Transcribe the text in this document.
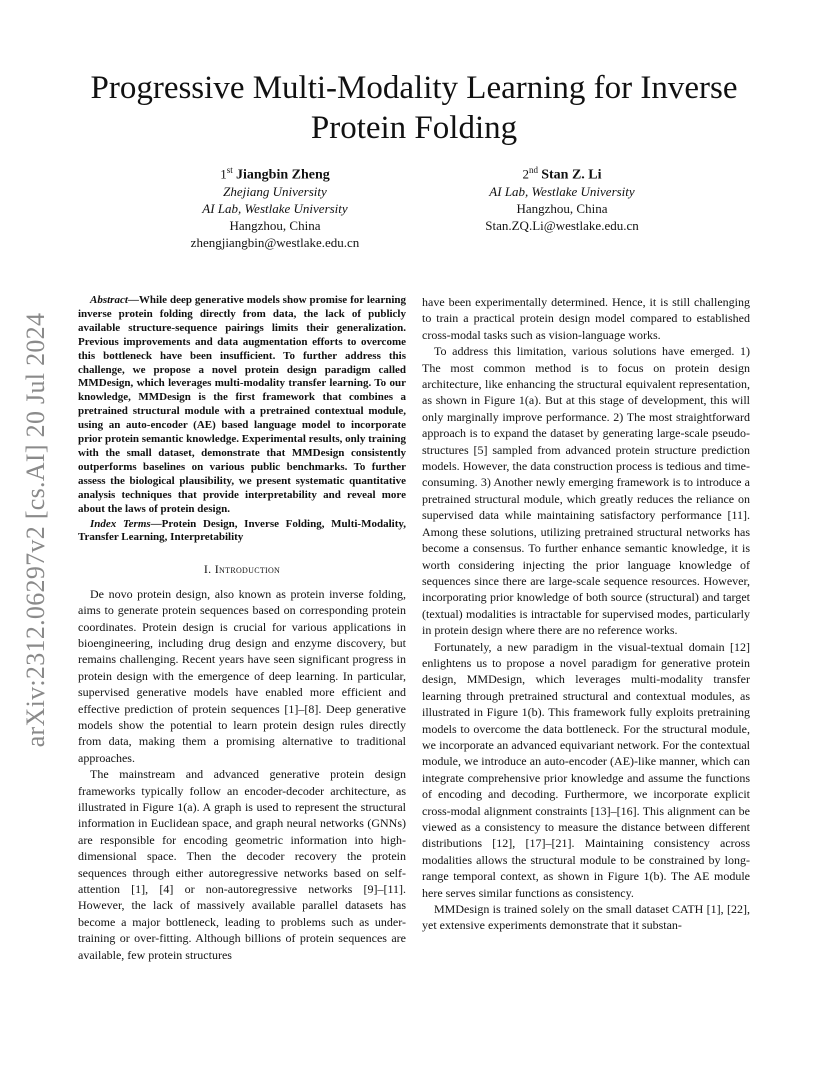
arXiv:2312.06297v2 [cs.AI] 20 Jul 2024
Progressive Multi-Modality Learning for Inverse Protein Folding
1st Jiangbin Zheng
Zhejiang University
AI Lab, Westlake University
Hangzhou, China
zhengjiangbin@westlake.edu.cn
2nd Stan Z. Li
AI Lab, Westlake University
Hangzhou, China
Stan.ZQ.Li@westlake.edu.cn

Abstract—While deep generative models show promise for learning inverse protein folding directly from data, the lack of publicly available structure-sequence pairings limits their generalization. Previous improvements and data augmentation efforts to overcome this bottleneck have been insufficient. To further address this challenge, we propose a novel protein design paradigm called MMDesign, which leverages multi-modality transfer learning. To our knowledge, MMDesign is the first framework that combines a pretrained structural module with a pretrained contextual module, using an auto-encoder (AE) based language model to incorporate prior protein semantic knowledge. Experimental results, only training with the small dataset, demonstrate that MMDesign consistently outperforms baselines on various public benchmarks. To further assess the biological plausibility, we present systematic quantitative analysis techniques that provide interpretability and reveal more about the laws of protein design.

Index Terms—Protein Design, Inverse Folding, Multi-Modality, Transfer Learning, Interpretability

I. Introduction

De novo protein design, also known as protein inverse folding, aims to generate protein sequences based on corresponding protein coordinates. Protein design is crucial for various applications in bioengineering, including drug design and enzyme discovery, but remains challenging. Recent years have seen significant progress in protein design with the emergence of deep learning. In particular, supervised generative models have enabled more efficient and effective prediction of protein sequences [1]–[8]. Deep generative models show the potential to learn protein design rules directly from data, making them a promising alternative to traditional approaches.

The mainstream and advanced generative protein design frameworks typically follow an encoder-decoder architecture, as illustrated in Figure 1(a). A graph is used to represent the structural information in Euclidean space, and graph neural networks (GNNs) are responsible for encoding geometric information into high-dimensional space. Then the decoder recovery the protein sequences through either autoregressive networks based on self-attention [1], [4] or non-autoregressive networks [9]–[11]. However, the lack of massively available parallel datasets has become a major bottleneck, leading to problems such as under-training or over-fitting. Although billions of protein sequences are available, few protein structures

have been experimentally determined. Hence, it is still challenging to train a practical protein design model compared to established cross-modal tasks such as vision-language works.

To address this limitation, various solutions have emerged. 1) The most common method is to focus on protein design architecture, like enhancing the structural equivalent representation, as shown in Figure 1(a). But at this stage of development, this will only marginally improve performance. 2) The most straightforward approach is to expand the dataset by generating large-scale pseudo-structures [5] sampled from advanced protein structure prediction models. However, the data construction process is tedious and time-consuming. 3) Another newly emerging framework is to introduce a pretrained structural module, which greatly reduces the reliance on supervised data while maintaining satisfactory performance [11]. Among these solutions, utilizing pretrained structural networks has become a consensus. To further enhance semantic knowledge, it is worth considering injecting the prior language knowledge of sequences since there are large-scale sequence resources. However, incorporating prior knowledge of both source (structural) and target (textual) modalities is intractable for supervised modes, particularly in protein design where there are no reference works.

Fortunately, a new paradigm in the visual-textual domain [12] enlightens us to propose a novel paradigm for generative protein design, MMDesign, which leverages multi-modality transfer learning through pretrained structural and contextual modules, as illustrated in Figure 1(b). This framework fully exploits pretraining models to overcome the data bottleneck. For the structural module, we incorporate an advanced equivariant network. For the contextual module, we introduce an auto-encoder (AE)-like manner, which can integrate comprehensive prior knowledge and assume the functions of encoding and decoding. Furthermore, we incorporate explicit cross-modal alignment constraints [13]–[16]. This alignment can be viewed as a consistency to measure the distance between different distributions [12], [17]–[21]. Maintaining consistency across modalities allows the structural module to be constrained by long-range temporal context, as shown in Figure 1(b). The AE module here serves similar functions as consistency.

MMDesign is trained solely on the small dataset CATH [1], [22], yet extensive experiments demonstrate that it substan-
